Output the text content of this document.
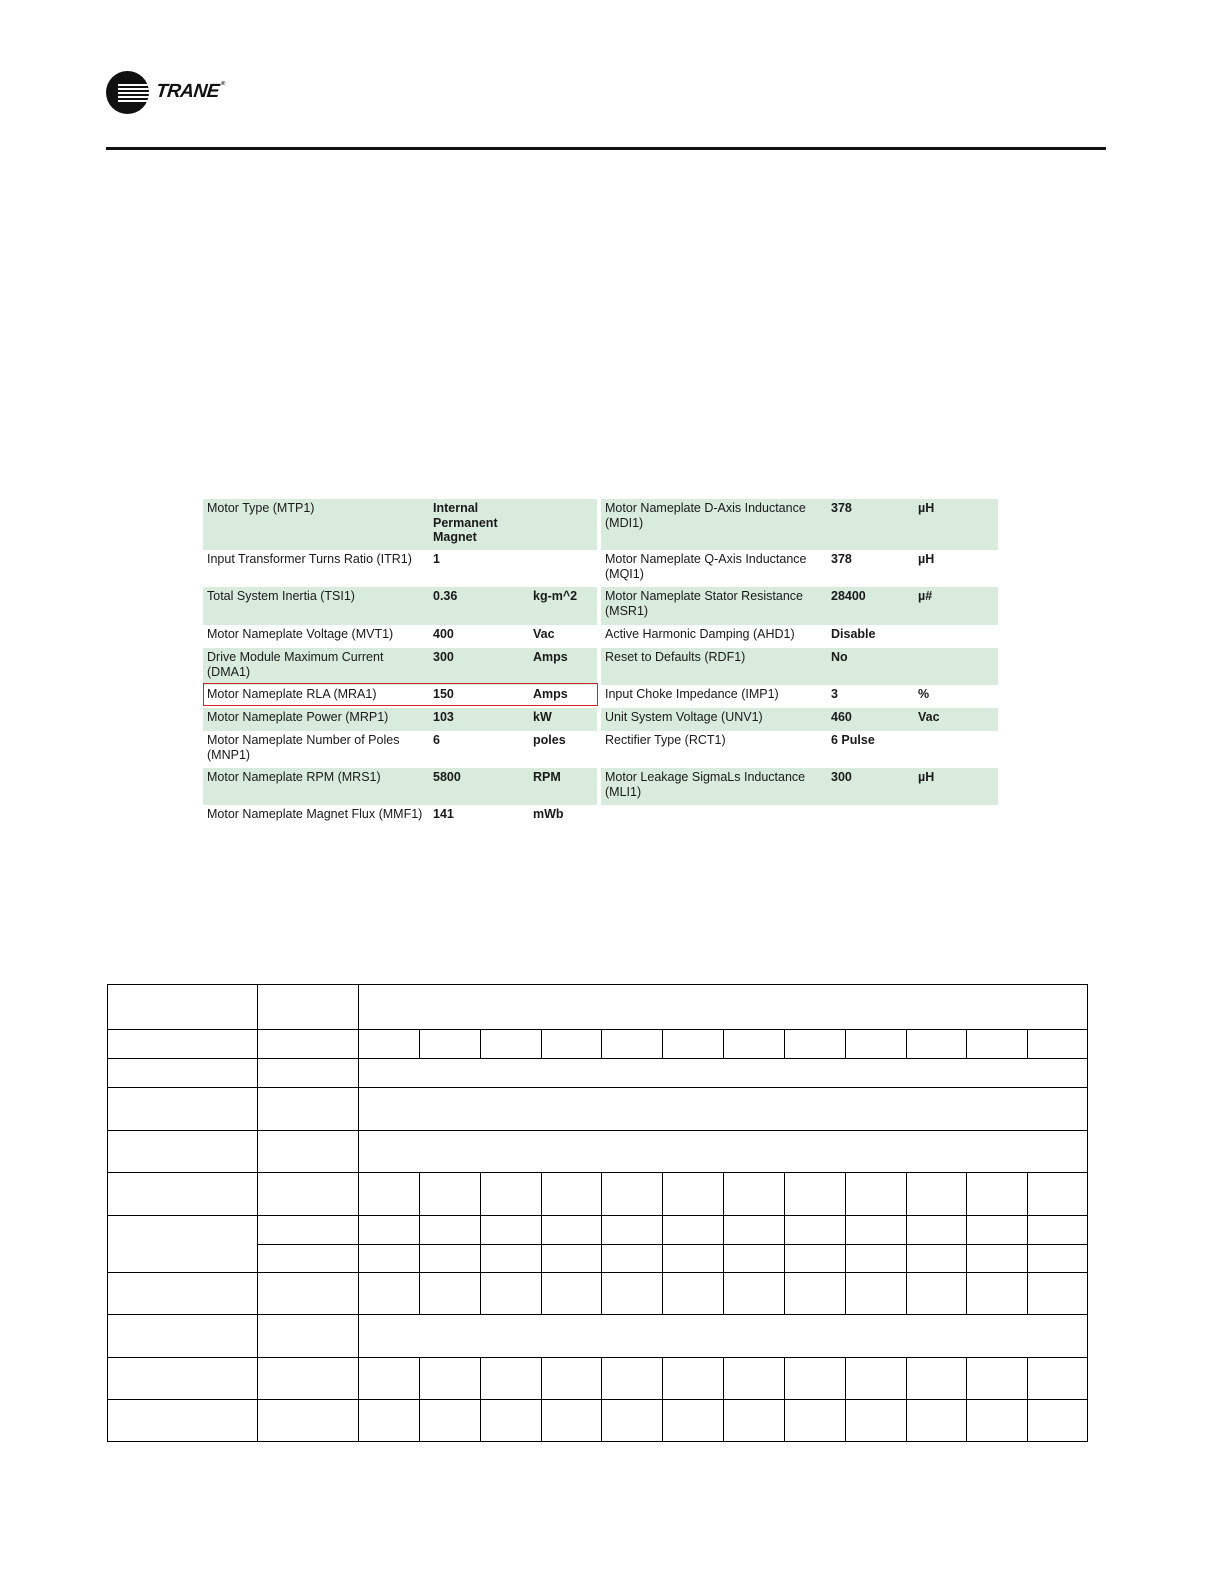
TRANE®
Motor Type (MTP1)	Internal Permanent Magnet			Motor Nameplate D-Axis Inductance (MDI1)	378	µH
Input Transformer Turns Ratio (ITR1)	1			Motor Nameplate Q-Axis Inductance (MQI1)	378	µH
Total System Inertia (TSI1)	0.36	kg-m^2		Motor Nameplate Stator Resistance (MSR1)	28400	µ#
Motor Nameplate Voltage (MVT1)	400	Vac		Active Harmonic Damping (AHD1)	Disable	
Drive Module Maximum Current (DMA1)	300	Amps		Reset to Defaults (RDF1)	No	
Motor Nameplate RLA (MRA1)	150	Amps		Input Choke Impedance (IMP1)	3	%
Motor Nameplate Power (MRP1)	103	kW		Unit System Voltage (UNV1)	460	Vac
Motor Nameplate Number of Poles (MNP1)	6	poles		Rectifier Type (RCT1)	6 Pulse	
Motor Nameplate RPM (MRS1)	5800	RPM		Motor Leakage SigmaLs Inductance (MLI1)	300	µH
Motor Nameplate Magnet Flux (MMF1)	141	mWb				
